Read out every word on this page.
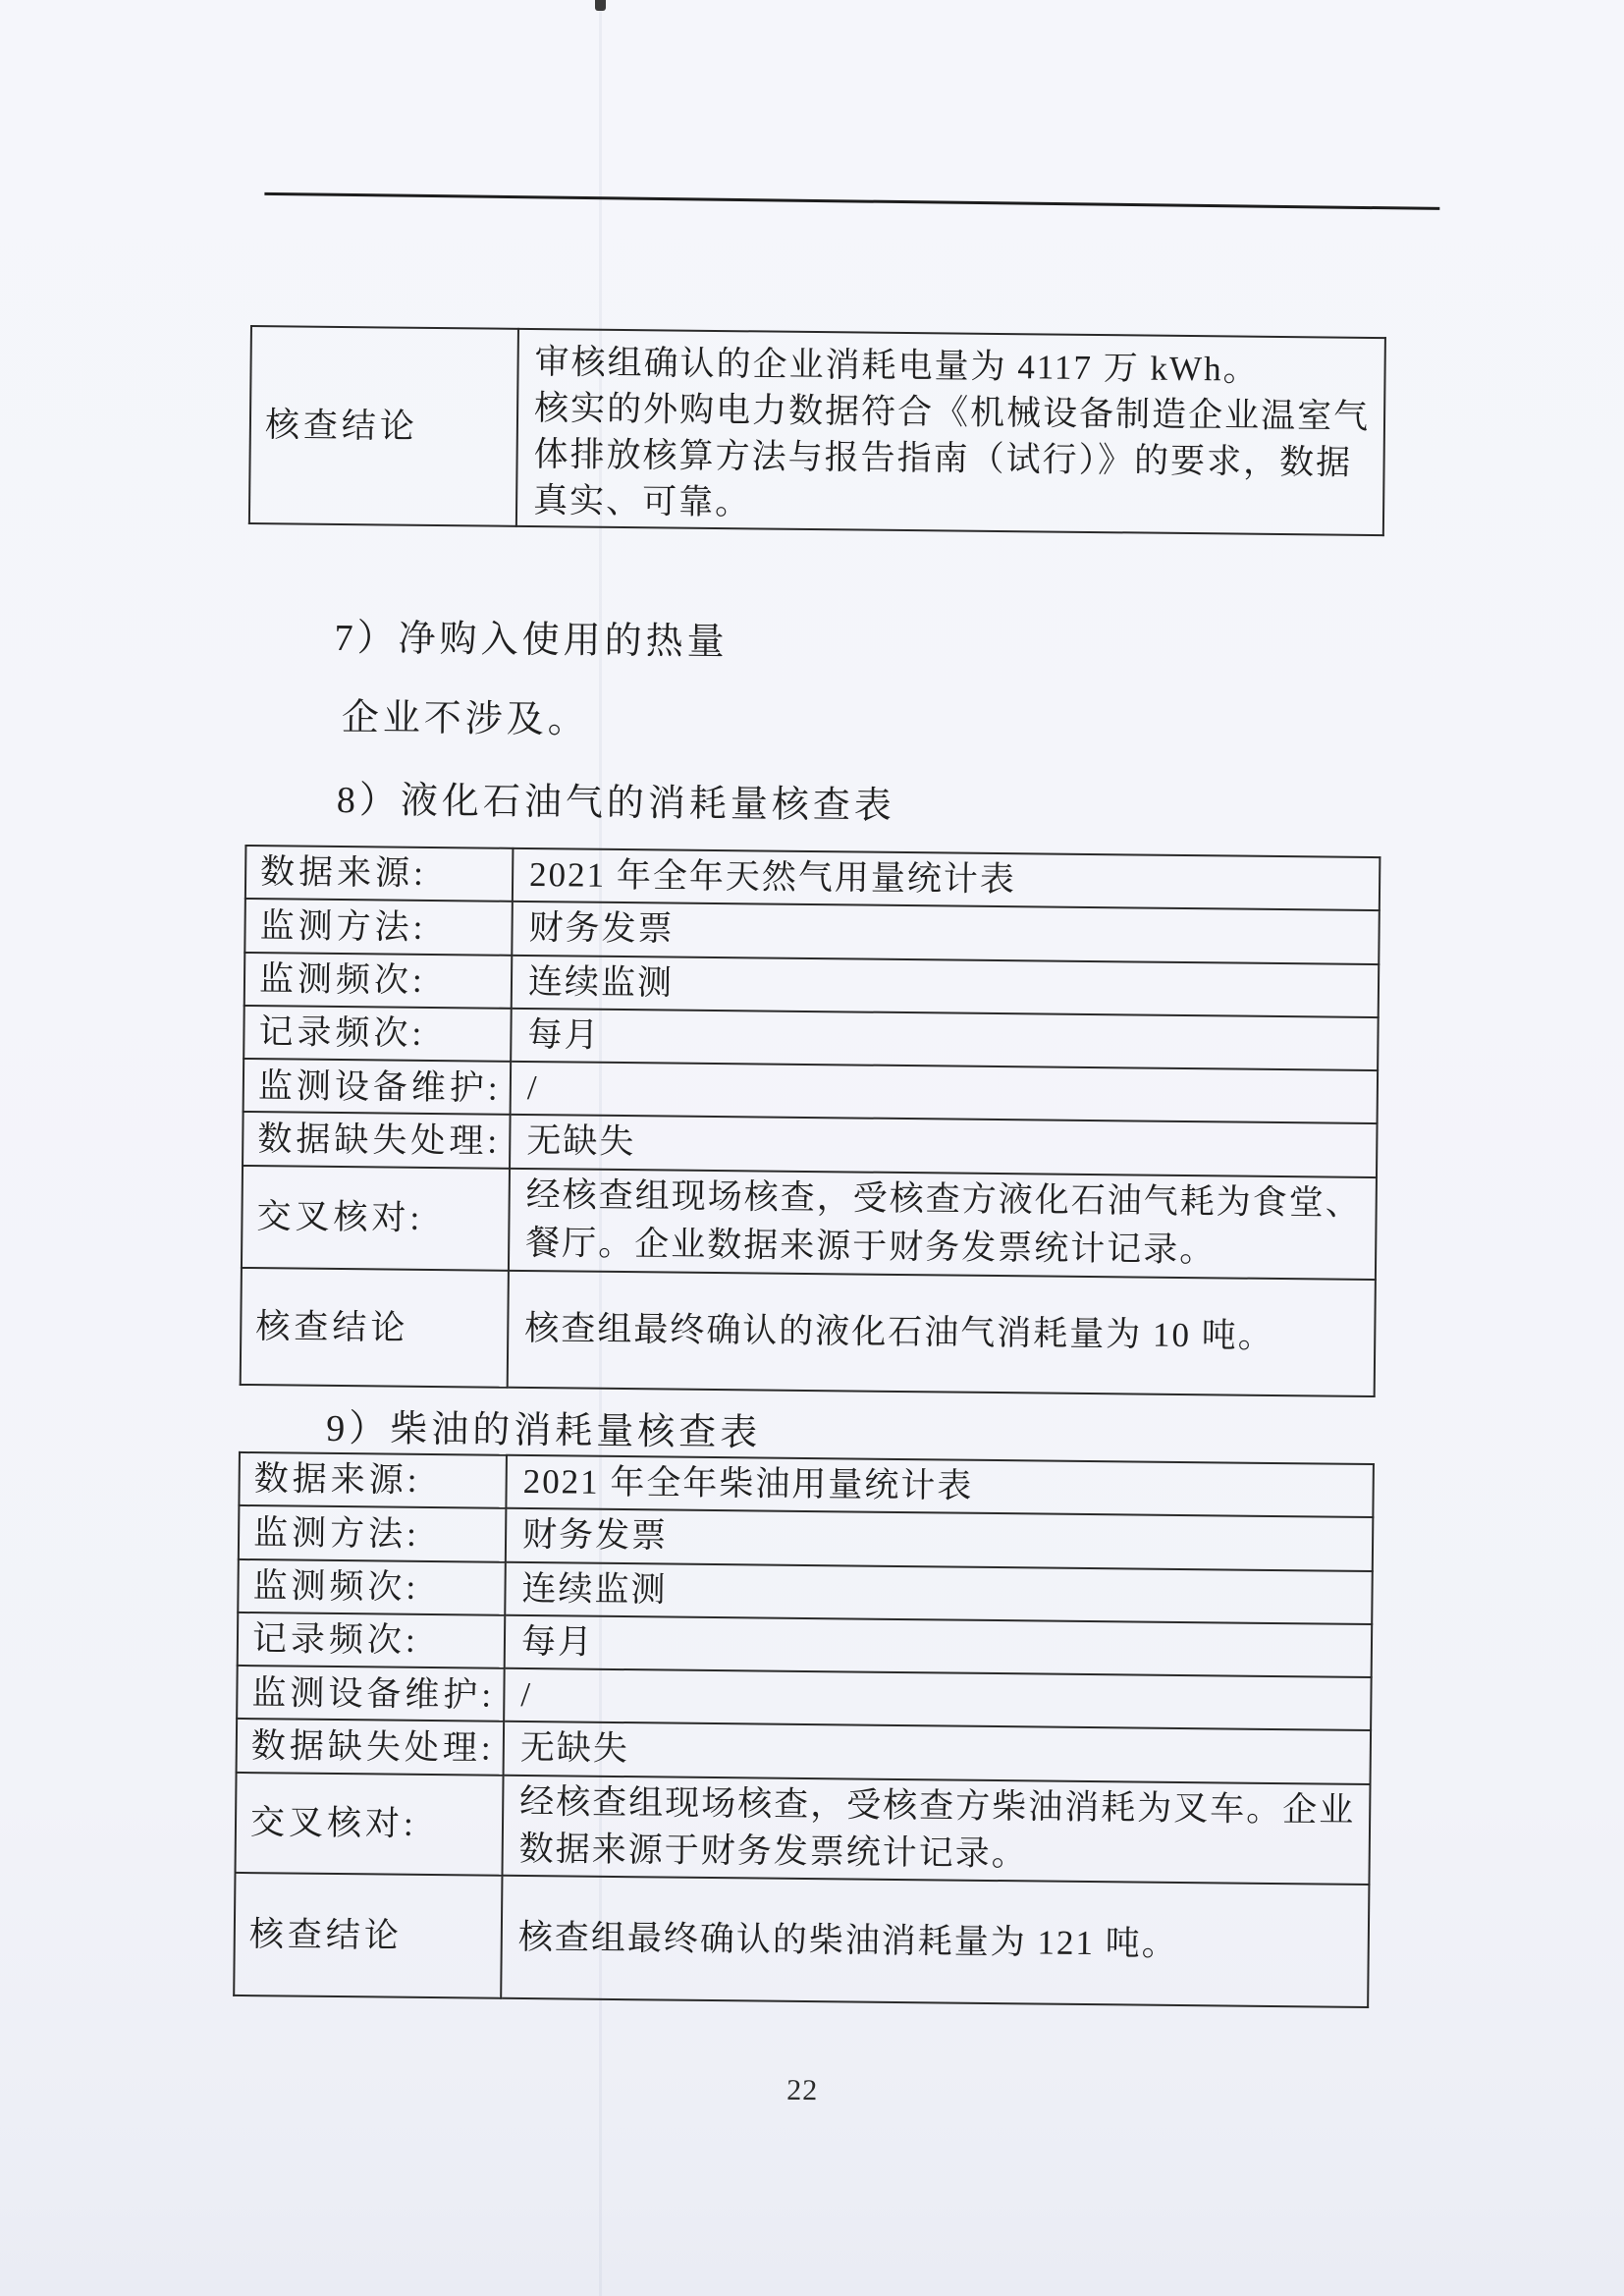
核查结论	审核组确认的企业消耗电量为 4117 万 kWh。
核实的外购电力数据符合《机械设备制造企业温室气体排放核算方法与报告指南（试行）》的要求，数据真实、可靠。
7）净购入使用的热量
企业不涉及。
8）液化石油气的消耗量核查表
数据来源:	2021 年全年天然气用量统计表
监测方法:	财务发票
监测频次:	连续监测
记录频次:	每月
监测设备维护:	/
数据缺失处理:	无缺失
交叉核对:	经核查组现场核查，受核查方液化石油气耗为食堂、餐厅。企业数据来源于财务发票统计记录。
核查结论	核查组最终确认的液化石油气消耗量为 10 吨。
9）柴油的消耗量核查表
数据来源:	2021 年全年柴油用量统计表
监测方法:	财务发票
监测频次:	连续监测
记录频次:	每月
监测设备维护:	/
数据缺失处理:	无缺失
交叉核对:	经核查组现场核查，受核查方柴油消耗为叉车。企业数据来源于财务发票统计记录。
核查结论	核查组最终确认的柴油消耗量为 121 吨。
22
